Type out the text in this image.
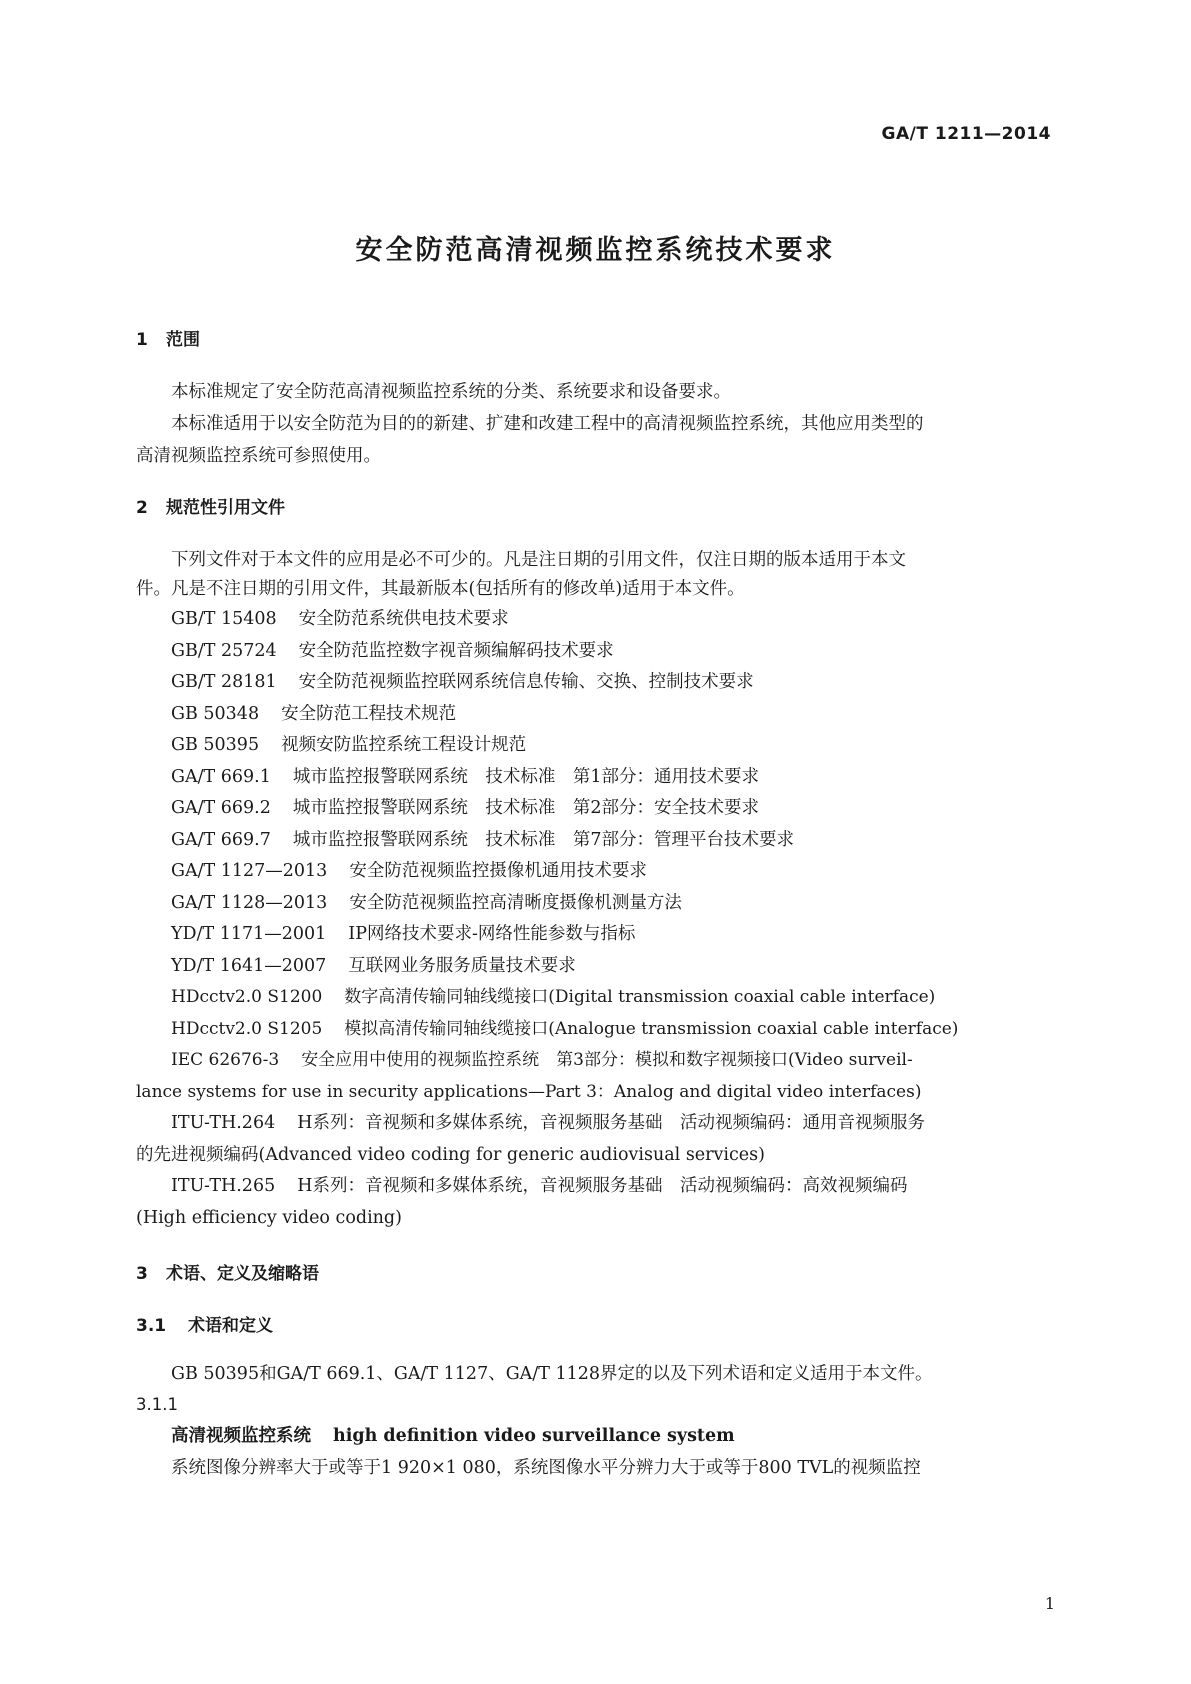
GA/T 1211—2014
安全防范高清视频监控系统技术要求
1 范围

本标准规定了安全防范高清视频监控系统的分类、系统要求和设备要求。

本标准适用于以安全防范为目的的新建、扩建和改建工程中的高清视频监控系统，其他应用类型的

高清视频监控系统可参照使用。

2 规范性引用文件

下列文件对于本文件的应用是必不可少的。凡是注日期的引用文件，仅注日期的版本适用于本文

件。凡是不注日期的引用文件，其最新版本(包括所有的修改单)适用于本文件。

GB/T 15408 安全防范系统供电技术要求

GB/T 25724 安全防范监控数字视音频编解码技术要求

GB/T 28181 安全防范视频监控联网系统信息传输、交换、控制技术要求

GB 50348 安全防范工程技术规范

GB 50395 视频安防监控系统工程设计规范

GA/T 669.1 城市监控报警联网系统　技术标准　第1部分：通用技术要求

GA/T 669.2 城市监控报警联网系统　技术标准　第2部分：安全技术要求

GA/T 669.7 城市监控报警联网系统　技术标准　第7部分：管理平台技术要求

GA/T 1127—2013 安全防范视频监控摄像机通用技术要求

GA/T 1128—2013 安全防范视频监控高清晰度摄像机测量方法

YD/T 1171—2001 IP网络技术要求-网络性能参数与指标

YD/T 1641—2007 互联网业务服务质量技术要求

HDcctv2.0 S1200 数字高清传输同轴线缆接口(Digital transmission coaxial cable interface)

HDcctv2.0 S1205 模拟高清传输同轴线缆接口(Analogue transmission coaxial cable interface)

IEC 62676-3 安全应用中使用的视频监控系统　第3部分：模拟和数字视频接口(Video surveil-

lance systems for use in security applications—Part 3：Analog and digital video interfaces)

ITU-TH.264 H系列：音视频和多媒体系统，音视频服务基础　活动视频编码：通用音视频服务

的先进视频编码(Advanced video coding for generic audiovisual services)

ITU-TH.265 H系列：音视频和多媒体系统，音视频服务基础　活动视频编码：高效视频编码

(High efficiency video coding)

3 术语、定义及缩略语
3.1 术语和定义

GB 50395和GA/T 669.1、GA/T 1127、GA/T 1128界定的以及下列术语和定义适用于本文件。

3.1.1

高清视频监控系统 high definition video surveillance system

系统图像分辨率大于或等于1 920×1 080，系统图像水平分辨力大于或等于800 TVL的视频监控

1
